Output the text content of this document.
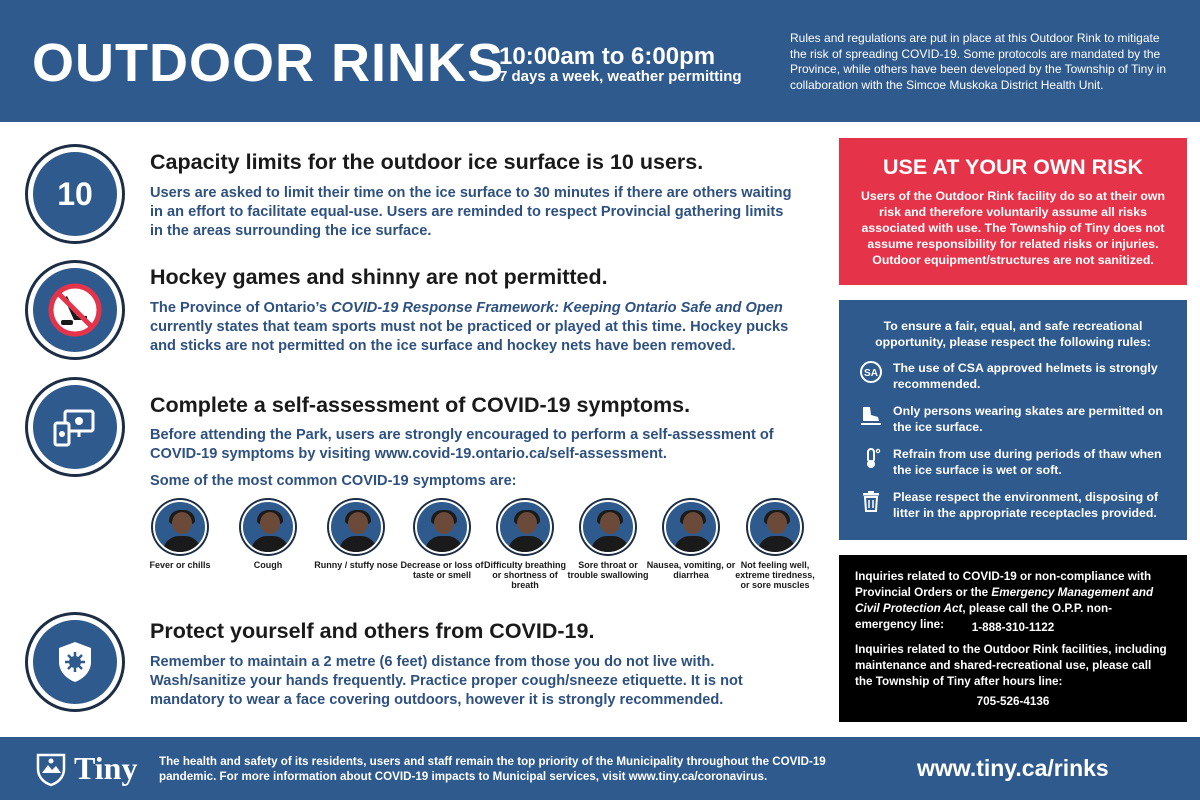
OUTDOOR RINKS
10:00am to 6:00pm
7 days a week, weather permitting
Rules and regulations are put in place at this Outdoor Rink to mitigate the risk of spreading COVID-19. Some protocols are mandated by the Province, while others have been developed by the Township of Tiny in collaboration with the Simcoe Muskoka District Health Unit.
10
Capacity limits for the outdoor ice surface is 10 users.
Users are asked to limit their time on the ice surface to 30 minutes if there are others waiting in an effort to facilitate equal-use. Users are reminded to respect Provincial gathering limits in the areas surrounding the ice surface.
Hockey games and shinny are not permitted.
The Province of Ontario’s COVID-19 Response Framework: Keeping Ontario Safe and Open currently states that team sports must not be practiced or played at this time. Hockey pucks and sticks are not permitted on the ice surface and hockey nets have been removed.
Complete a self-assessment of COVID-19 symptoms.
Before attending the Park, users are strongly encouraged to perform a self-assessment of COVID-19 symptoms by visiting www.covid-19.ontario.ca/self-assessment.
Some of the most common COVID-19 symptoms are:
Fever or chills	Cough	Runny / stuffy nose Decrease or loss of taste or smell
Difficulty breathing or shortness of breath
Sore throat or trouble swallowing
Nausea, vomiting, or diarrhea
Not feeling well, extreme tiredness, or sore muscles
Protect yourself and others from COVID-19.
Remember to maintain a 2 metre (6 feet) distance from those you do not live with. Wash/sanitize your hands frequently. Practice proper cough/sneeze etiquette. It is not mandatory to wear a face covering outdoors, however it is strongly recommended.
USE AT YOUR OWN RISK
Users of the Outdoor Rink facility do so at their own risk and therefore voluntarily assume all risks associated with use. The Township of Tiny does not assume responsibility for related risks or injuries. Outdoor equipment/structures are not sanitized.
To ensure a fair, equal, and safe recreational opportunity, please respect the following rules:
SA The use of CSA approved helmets is strongly recommended.
Only persons wearing skates are permitted on the ice surface.
Refrain from use during periods of thaw when the ice surface is wet or soft.
Please respect the environment, disposing of litter in the appropriate receptacles provided.
Inquiries related to COVID-19 or non-compliance with Provincial Orders or the Emergency Management and Civil Protection Act, please call the O.P.P. non-emergency line:	1-888-310-1122
Inquiries related to the Outdoor Rink facilities, including maintenance and shared-recreational use, please call the Township of Tiny after hours line:
705-526-4136
Tiny The health and safety of its residents, users and staff remain the top priority of the Municipality throughout the COVID-19 pandemic. For more information about COVID-19 impacts to Municipal services, visit www.tiny.ca/coronavirus.	www.tiny.ca/rinks
